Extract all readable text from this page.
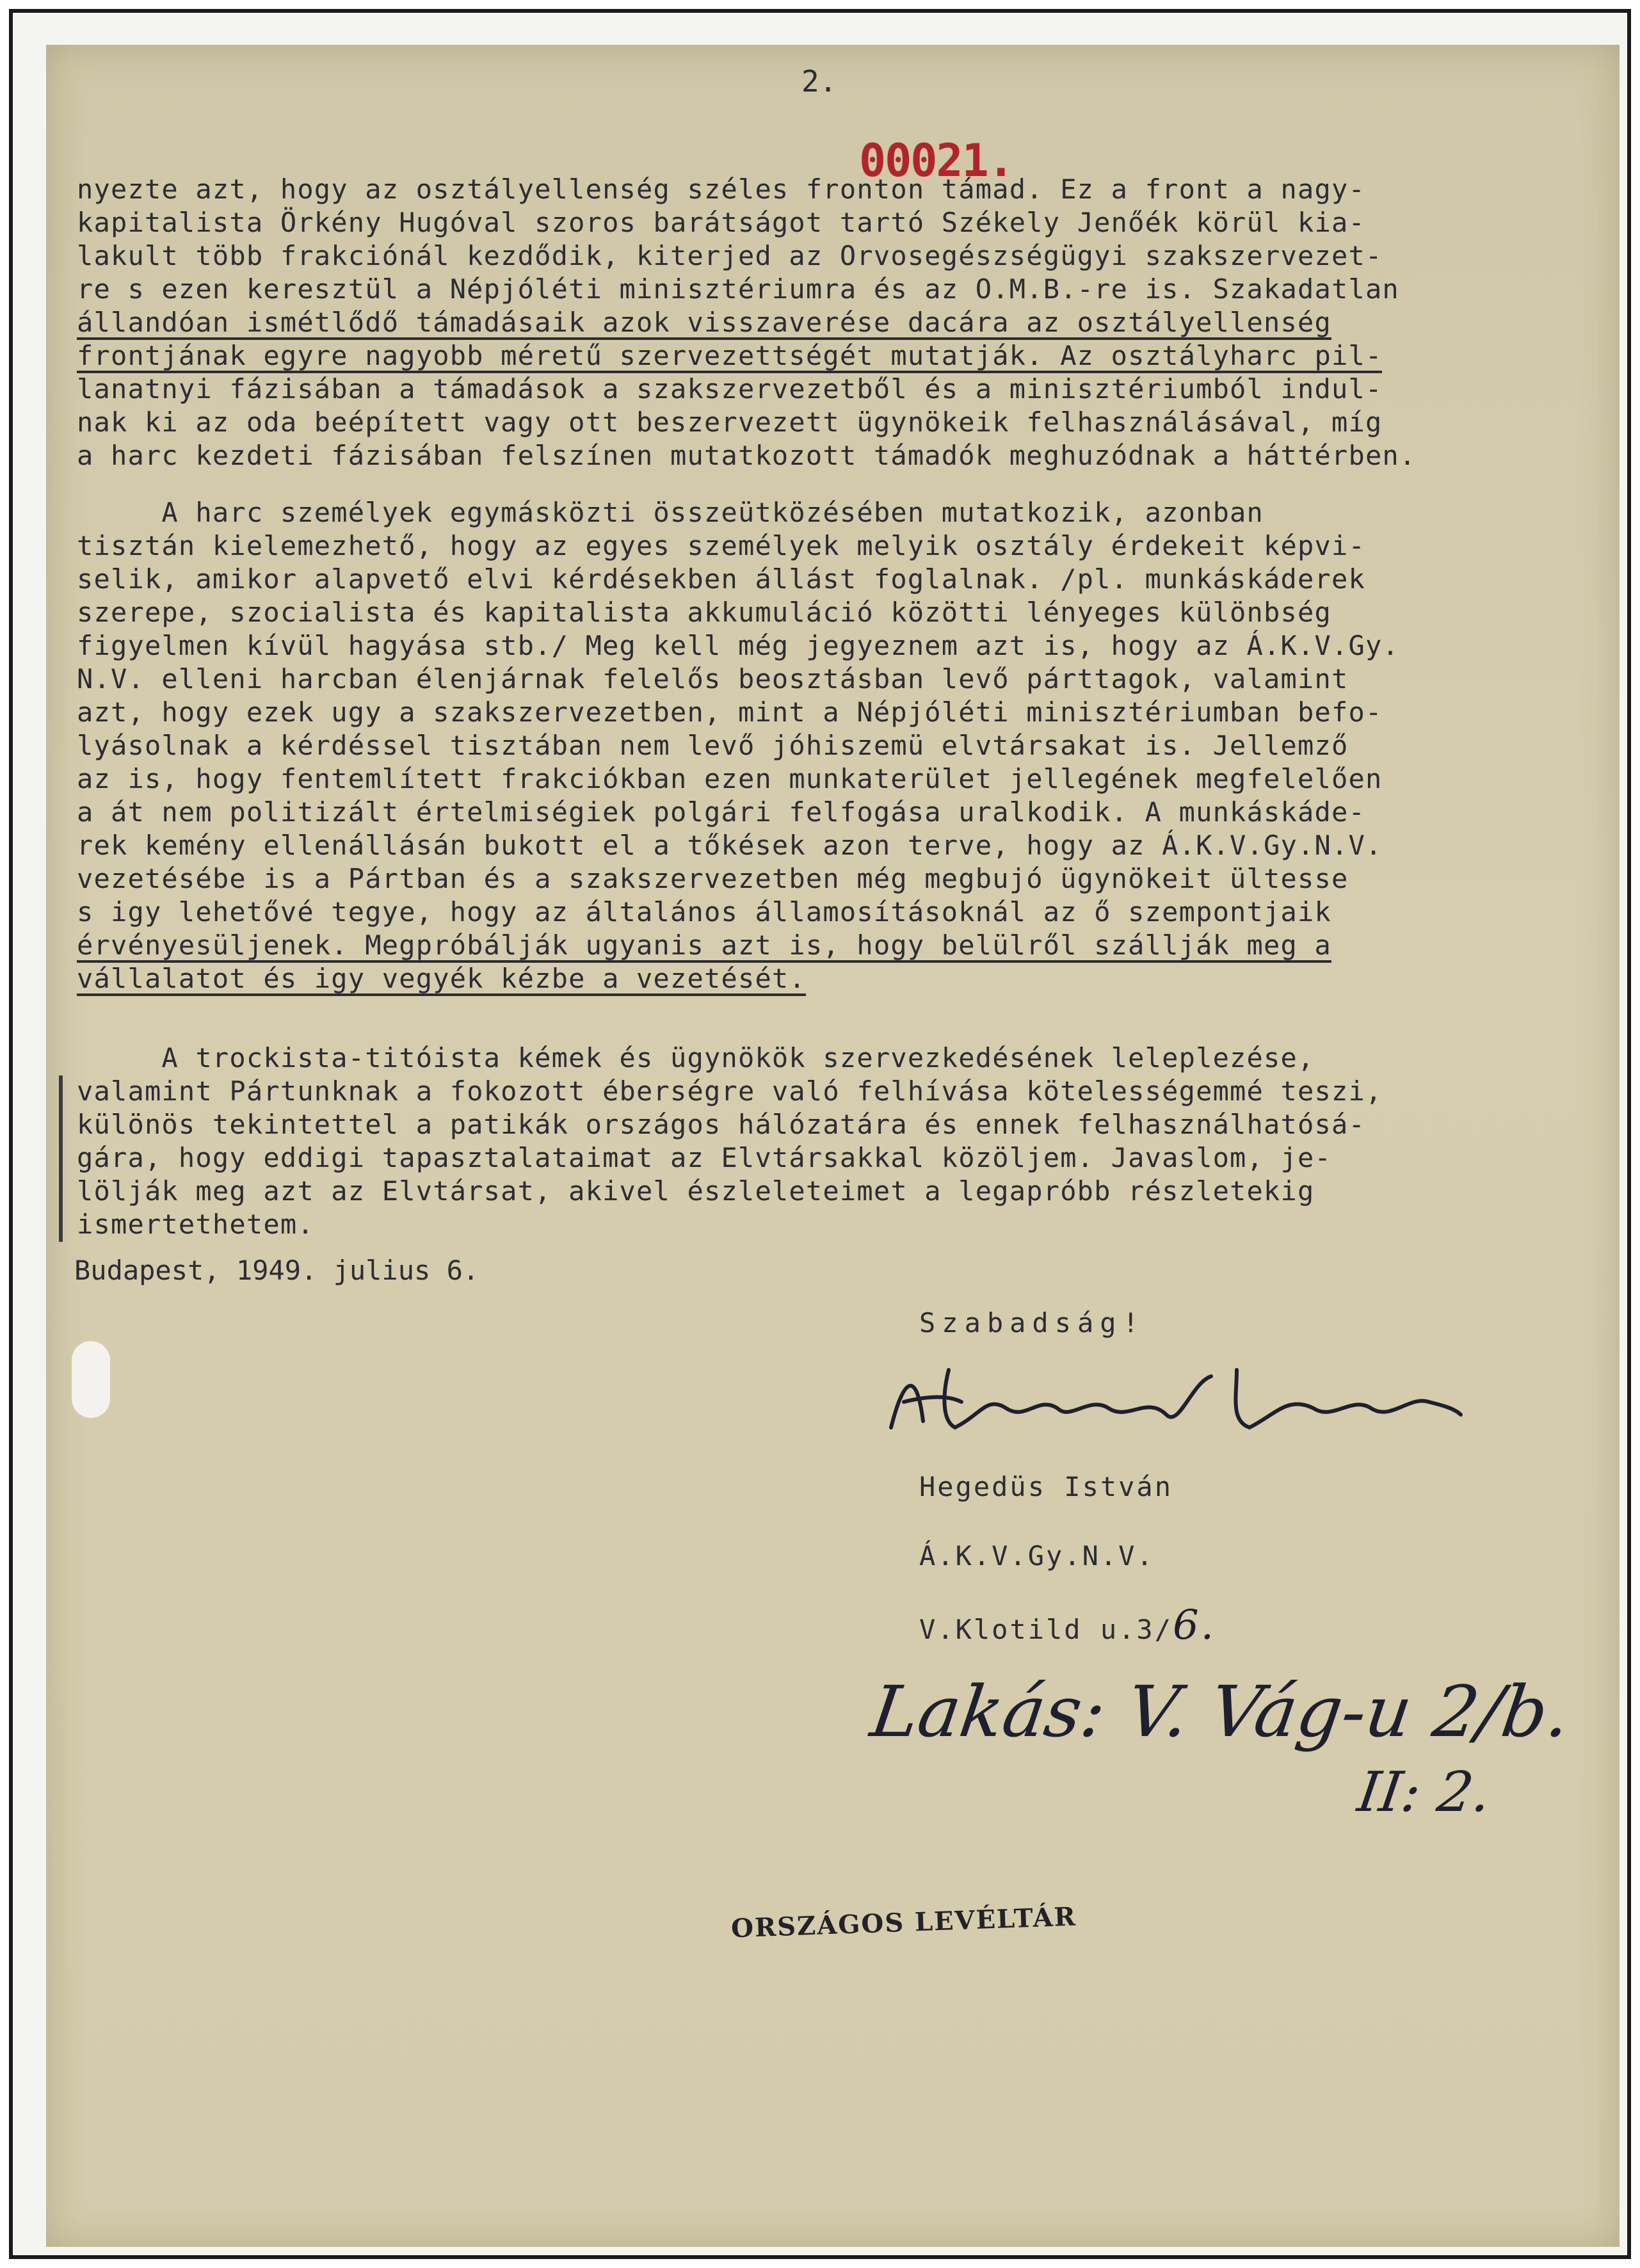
2.
00021.
nyezte azt, hogy az osztályellenség széles fronton támad. Ez a front a nagy-
kapitalista Örkény Hugóval szoros barátságot tartó Székely Jenőék körül kia-
lakult több frakciónál kezdődik, kiterjed az Orvosegészségügyi szakszervezet-
re s ezen keresztül a Népjóléti minisztériumra és az O.M.B.-re is. Szakadatlan
állandóan ismétlődő támadásaik azok visszaverése dacára az osztályellenség
frontjának egyre nagyobb méretű szervezettségét mutatják. Az osztályharc pil-
lanatnyi fázisában a támadások a szakszervezetből és a minisztériumból indul-
nak ki az oda beépített vagy ott beszervezett ügynökeik felhasználásával, míg
a harc kezdeti fázisában felszínen mutatkozott támadók meghuzódnak a háttérben.
A harc személyek egymásközti összeütközésében mutatkozik, azonban
tisztán kielemezhető, hogy az egyes személyek melyik osztály érdekeit képvi-
selik, amikor alapvető elvi kérdésekben állást foglalnak. /pl. munkáskáderek
szerepe, szocialista és kapitalista akkumuláció közötti lényeges különbség
figyelmen kívül hagyása stb./ Meg kell még jegyeznem azt is, hogy az Á.K.V.Gy.
N.V. elleni harcban élenjárnak felelős beosztásban levő párttagok, valamint
azt, hogy ezek ugy a szakszervezetben, mint a Népjóléti minisztériumban befo-
lyásolnak a kérdéssel tisztában nem levő jóhiszemü elvtársakat is. Jellemző
az is, hogy fentemlített frakciókban ezen munkaterület jellegének megfelelően
a át nem politizált értelmiségiek polgári felfogása uralkodik. A munkáskáde-
rek kemény ellenállásán bukott el a tőkések azon terve, hogy az Á.K.V.Gy.N.V.
vezetésébe is a Pártban és a szakszervezetben még megbujó ügynökeit ültesse
s igy lehetővé tegye, hogy az általános államosításoknál az ő szempontjaik
érvényesüljenek. Megpróbálják ugyanis azt is, hogy belülről szállják meg a
vállalatot és igy vegyék kézbe a vezetését.
A trockista-titóista kémek és ügynökök szervezkedésének leleplezése,
valamint Pártunknak a fokozott éberségre való felhívása kötelességemmé teszi,
különös tekintettel a patikák országos hálózatára és ennek felhasználhatósá-
gára, hogy eddigi tapasztalataimat az Elvtársakkal közöljem. Javaslom, je-
lölják meg azt az Elvtársat, akivel észleleteimet a legapróbb részletekig
ismertethetem.
Budapest, 1949. julius 6.
Szabadság!
Hegedüs István
Á.K.V.Gy.N.V.
V.Klotild u.3/6.
Lakás: V. Vág-u 2/b.
II: 2.
ORSZÁGOS LEVÉLTÁR
